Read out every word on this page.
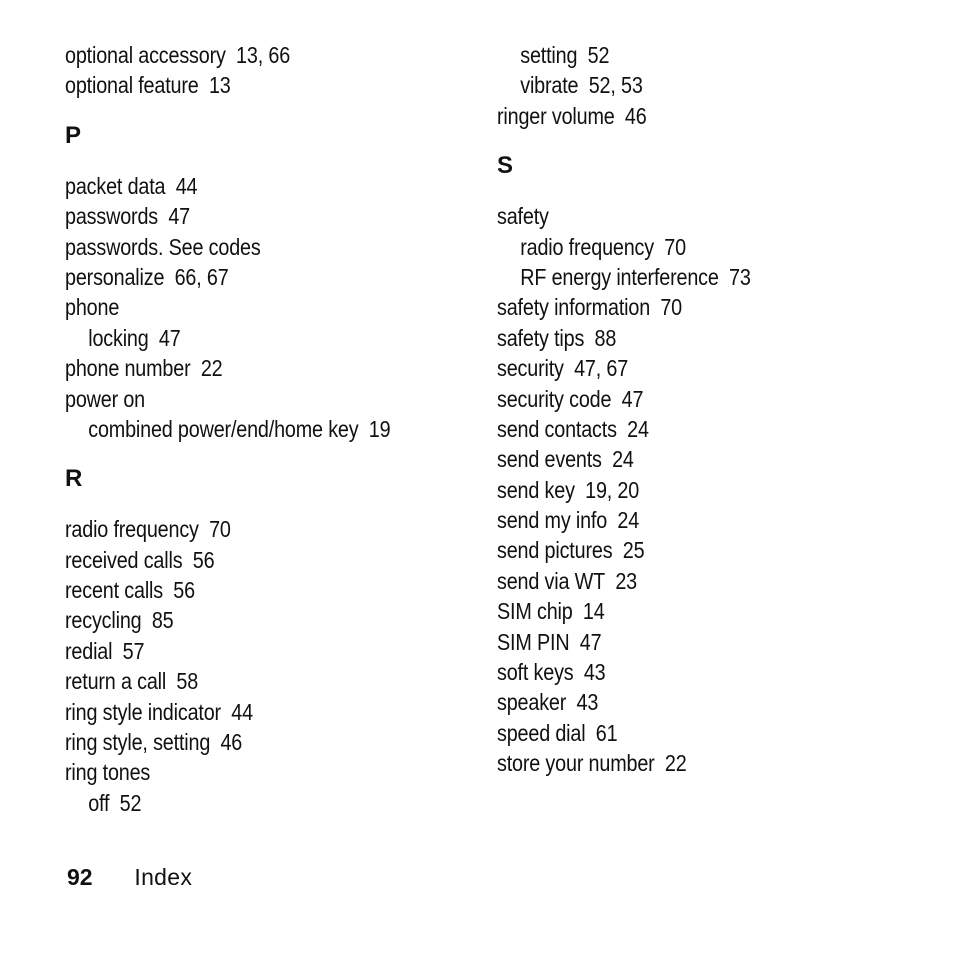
optional accessory 13, 66
optional feature 13
P
packet data 44
passwords 47
passwords. See codes
personalize 66, 67
phone
locking 47
phone number 22
power on
combined power/end/home key 19
R
radio frequency 70
received calls 56
recent calls 56
recycling 85
redial 57
return a call 58
ring style indicator 44
ring style, setting 46
ring tones
off 52
setting 52
vibrate 52, 53
ringer volume 46
S
safety
radio frequency 70
RF energy interference 73
safety information 70
safety tips 88
security 47, 67
security code 47
send contacts 24
send events 24
send key 19, 20
send my info 24
send pictures 25
send via WT 23
SIM chip 14
SIM PIN 47
soft keys 43
speaker 43
speed dial 61
store your number 22
92 Index
